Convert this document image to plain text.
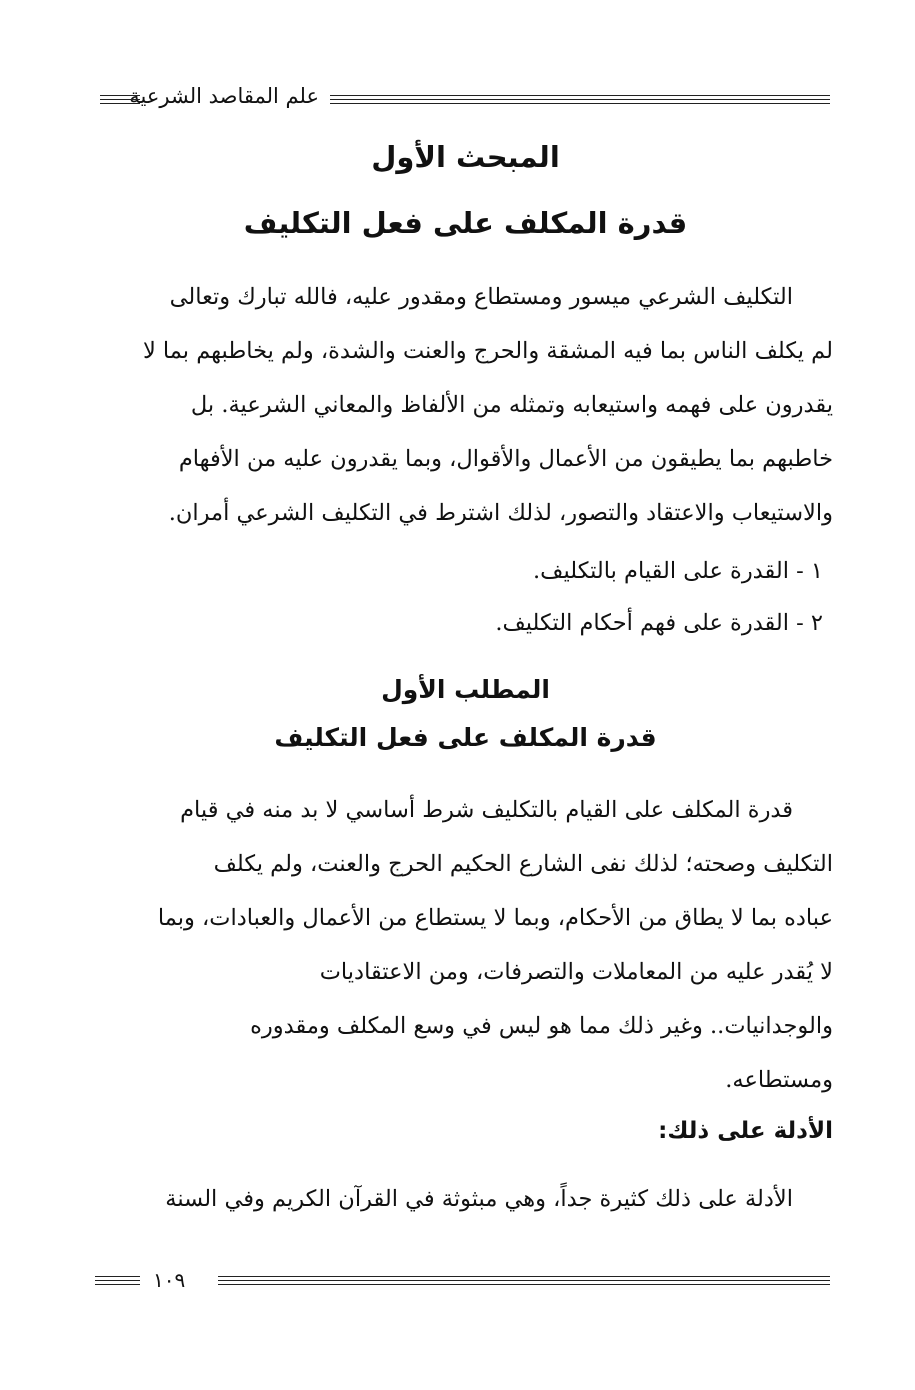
علم المقاصد الشرعية
المبحث الأول
قدرة المكلف على فعل التكليف
التكليف الشرعي ميسور ومستطاع ومقدور عليه، فالله تبارك وتعالى
لم يكلف الناس بما فيه المشقة والحرج والعنت والشدة، ولم يخاطبهم بما لا
يقدرون على فهمه واستيعابه وتمثله من الألفاظ والمعاني الشرعية. بل
خاطبهم بما يطيقون من الأعمال والأقوال، وبما يقدرون عليه من الأفهام
والاستيعاب والاعتقاد والتصور، لذلك اشترط في التكليف الشرعي أمران.
١ - القدرة على القيام بالتكليف.
٢ - القدرة على فهم أحكام التكليف.
المطلب الأول
قدرة المكلف على فعل التكليف
قدرة المكلف على القيام بالتكليف شرط أساسي لا بد منه في قيام
التكليف وصحته؛ لذلك نفى الشارع الحكيم الحرج والعنت، ولم يكلف
عباده بما لا يطاق من الأحكام، وبما لا يستطاع من الأعمال والعبادات، وبما
لا يُقدر عليه من المعاملات والتصرفات، ومن الاعتقاديات
والوجدانيات.. وغير ذلك مما هو ليس في وسع المكلف ومقدوره
ومستطاعه.
الأدلة على ذلك:
الأدلة على ذلك كثيرة جداً، وهي مبثوثة في القرآن الكريم وفي السنة
١٠٩
